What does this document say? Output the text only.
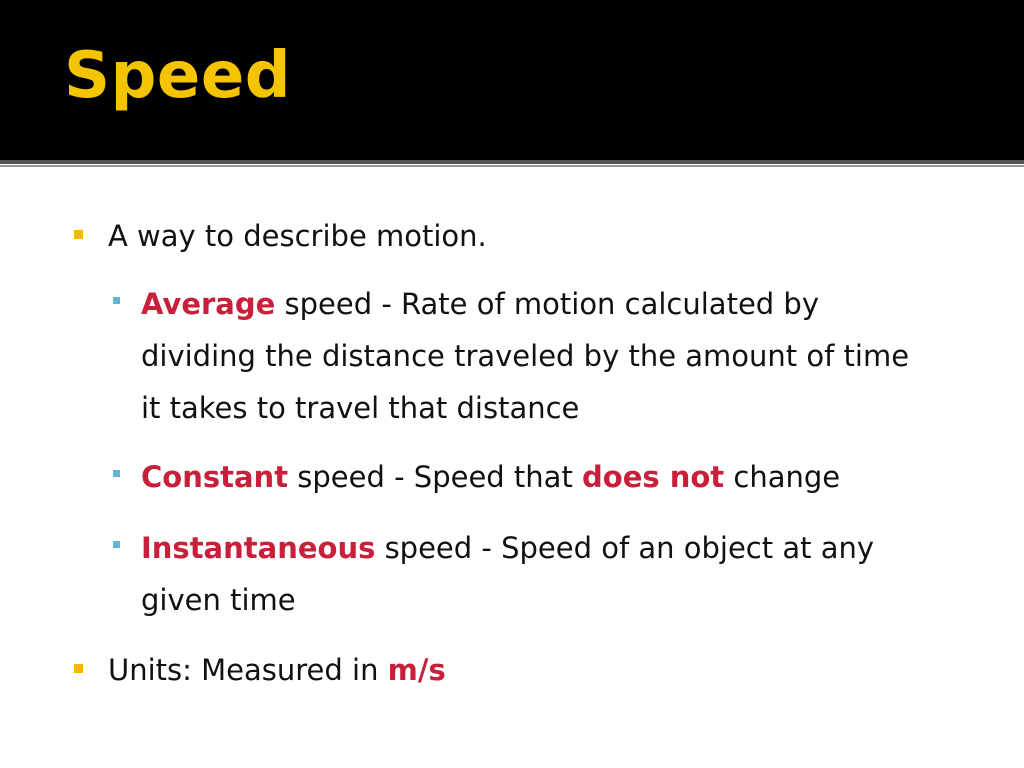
Speed
A way to describe motion.
Average speed - Rate of motion calculated by
dividing the distance traveled by the amount of time
it takes to travel that distance
Constant speed - Speed that does not change
Instantaneous speed - Speed of an object at any
given time
Units: Measured in m/s
